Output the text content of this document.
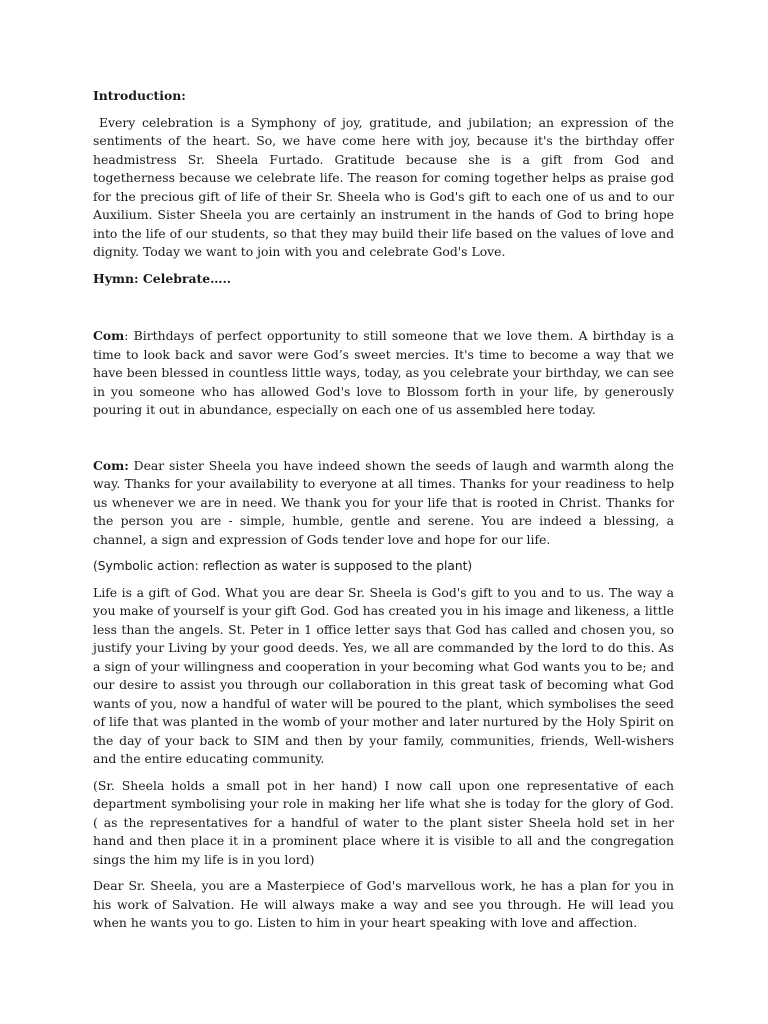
Introduction:

Every celebration is a Symphony of joy, gratitude, and jubilation; an expression of the sentiments of the heart. So, we have come here with joy, because it's the birthday offer headmistress Sr. Sheela Furtado. Gratitude because she is a gift from God and togetherness because we celebrate life. The reason for coming together helps as praise god for the precious gift of life of their Sr. Sheela who is God's gift to each one of us and to our Auxilium. Sister Sheela you are certainly an instrument in the hands of God to bring hope into the life of our students, so that they may build their life based on the values of love and dignity. Today we want to join with you and celebrate God's Love.

Hymn: Celebrate…..

Com: Birthdays of perfect opportunity to still someone that we love them. A birthday is a time to look back and savor were God’s sweet mercies. It's time to become a way that we have been blessed in countless little ways, today, as you celebrate your birthday, we can see in you someone who has allowed God's love to Blossom forth in your life, by generously pouring it out in abundance, especially on each one of us assembled here today.

Com: Dear sister Sheela you have indeed shown the seeds of laugh and warmth along the way. Thanks for your availability to everyone at all times. Thanks for your readiness to help us whenever we are in need. We thank you for your life that is rooted in Christ. Thanks for the person you are - simple, humble, gentle and serene. You are indeed a blessing, a channel, a sign and expression of Gods tender love and hope for our life.

(Symbolic action: reflection as water is supposed to the plant)

Life is a gift of God. What you are dear Sr. Sheela is God's gift to you and to us. The way a you make of yourself is your gift God. God has created you in his image and likeness, a little less than the angels. St. Peter in 1 office letter says that God has called and chosen you, so justify your Living by your good deeds. Yes, we all are commanded by the lord to do this. As a sign of your willingness and cooperation in your becoming what God wants you to be; and our desire to assist you through our collaboration in this great task of becoming what God wants of you, now a handful of water will be poured to the plant, which symbolises the seed of life that was planted in the womb of your mother and later nurtured by the Holy Spirit on the day of your back to SIM and then by your family, communities, friends, Well-wishers and the entire educating community.

(Sr. Sheela holds a small pot in her hand) I now call upon one representative of each department symbolising your role in making her life what she is today for the glory of God. ( as the representatives for a handful of water to the plant sister Sheela hold set in her hand and then place it in a prominent place where it is visible to all and the congregation sings the him my life is in you lord)

Dear Sr. Sheela, you are a Masterpiece of God's marvellous work, he has a plan for you in his work of Salvation. He will always make a way and see you through. He will lead you when he wants you to go. Listen to him in your heart speaking with love and affection.
